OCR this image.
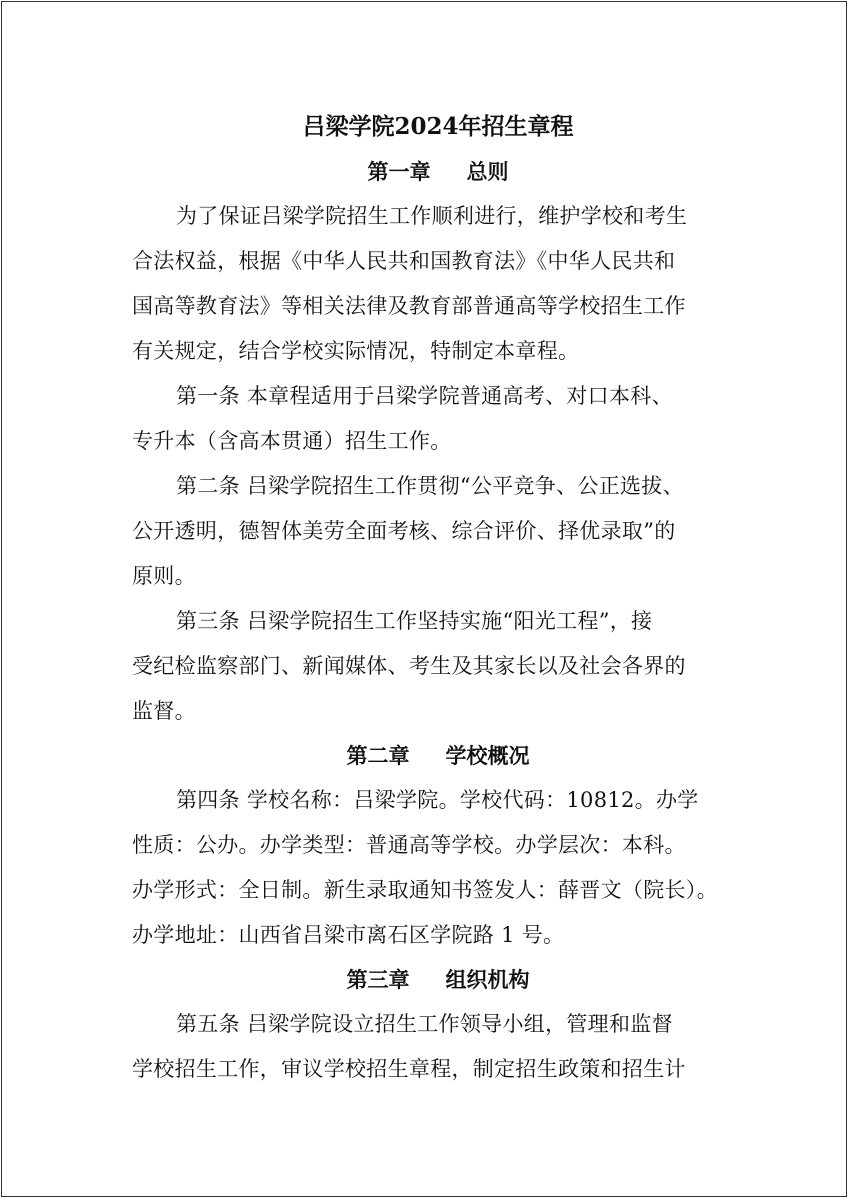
吕梁学院2024年招生章程
第一章 总则

为了保证吕梁学院招生工作顺利进行，维护学校和考生
合法权益，根据《中华人民共和国教育法》《中华人民共和
国高等教育法》等相关法律及教育部普通高等学校招生工作
有关规定，结合学校实际情况，特制定本章程。

第一条 本章程适用于吕梁学院普通高考、对口本科、
专升本（含高本贯通）招生工作。

第二条 吕梁学院招生工作贯彻“公平竞争、公正选拔、
公开透明，德智体美劳全面考核、综合评价、择优录取”的
原则。

第三条 吕梁学院招生工作坚持实施“阳光工程”，接
受纪检监察部门、新闻媒体、考生及其家长以及社会各界的
监督。

第二章 学校概况

第四条 学校名称：吕梁学院。学校代码：10812。办学
性质：公办。办学类型：普通高等学校。办学层次：本科。
办学形式：全日制。新生录取通知书签发人：薛晋文（院长）。
办学地址：山西省吕梁市离石区学院路 1 号。

第三章 组织机构

第五条 吕梁学院设立招生工作领导小组，管理和监督
学校招生工作，审议学校招生章程，制定招生政策和招生计
